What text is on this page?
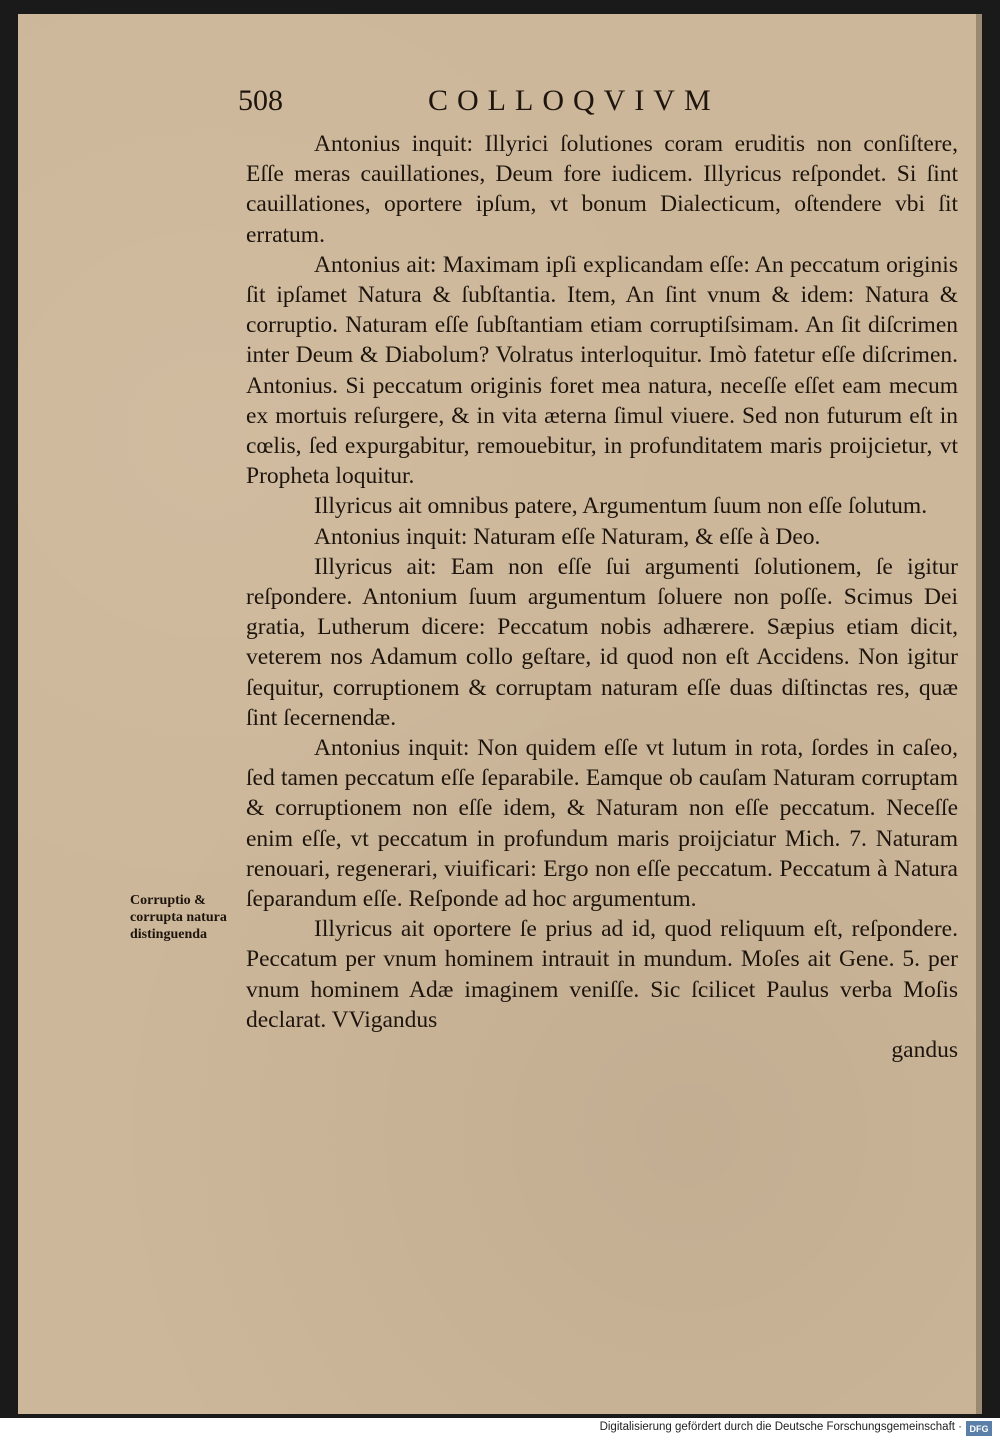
508	COLLOQVIVM
Corruptio & corrupta natura distinguenda

Antonius inquit: Illyrici ſolutiones coram eruditis non conſiſtere, Eſſe meras cauillationes, Deum fore iudicem. Illyricus reſpondet. Si ſint cauillationes, oportere ipſum, vt bonum Dialecticum, oſtendere vbi ſit erratum.

Antonius ait: Maximam ipſi explicandam eſſe: An peccatum originis ſit ipſamet Natura & ſubſtantia. Item, An ſint vnum & idem: Natura & corruptio. Naturam eſſe ſubſtantiam etiam corruptiſsimam. An ſit diſcrimen inter Deum & Diabolum? Volratus interloquitur. Imò fatetur eſſe diſcrimen. Antonius. Si peccatum originis foret mea natura, neceſſe eſſet eam mecum ex mortuis reſurgere, & in vita æterna ſimul viuere. Sed non futurum eſt in cœlis, ſed expurgabitur, remouebitur, in profunditatem maris proijcietur, vt Propheta loquitur.

Illyricus ait omnibus patere, Argumentum ſuum non eſſe ſolutum.

Antonius inquit: Naturam eſſe Naturam, & eſſe à Deo.

Illyricus ait: Eam non eſſe ſui argumenti ſolutionem, ſe igitur reſpondere. Antonium ſuum argumentum ſoluere non poſſe. Scimus Dei gratia, Lutherum dicere: Peccatum nobis adhærere. Sæpius etiam dicit, veterem nos Adamum collo geſtare, id quod non eſt Accidens. Non igitur ſequitur, corruptionem & corruptam naturam eſſe duas diſtinctas res, quæ ſint ſecernendæ.

Antonius inquit: Non quidem eſſe vt lutum in rota, ſordes in caſeo, ſed tamen peccatum eſſe ſeparabile. Eamque ob cauſam Naturam corruptam & corruptionem non eſſe idem, & Naturam non eſſe peccatum. Neceſſe enim eſſe, vt peccatum in profundum maris proijciatur Mich. 7. Naturam renouari, regenerari, viuificari: Ergo non eſſe peccatum. Peccatum à Natura ſeparandum eſſe. Reſponde ad hoc argumentum.

Illyricus ait oportere ſe prius ad id, quod reliquum eſt, reſpondere. Peccatum per vnum hominem intrauit in mundum. Moſes ait Gene. 5. per vnum hominem Adæ imaginem veniſſe. Sic ſcilicet Paulus verba Moſis declarat. VVigandus

gandus

Digitalisierung gefördert durch die Deutsche Forschungsgemeinschaft · DFG
